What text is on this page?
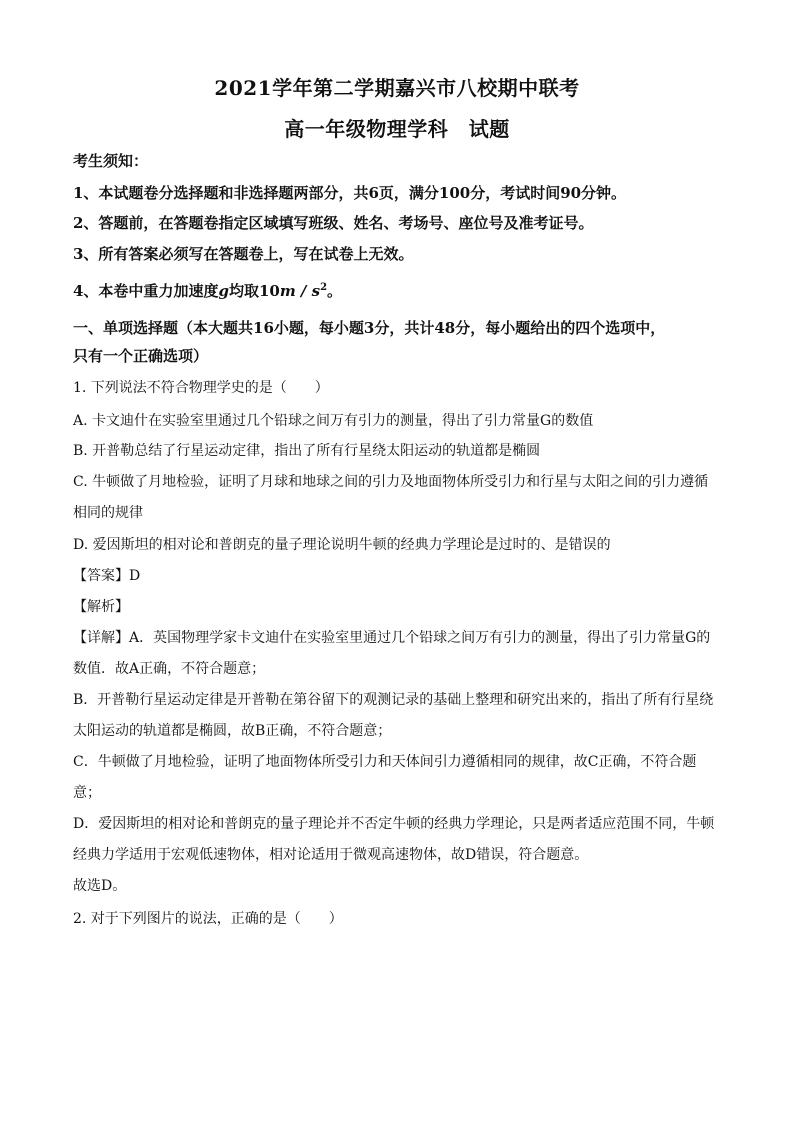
2021学年第二学期嘉兴市八校期中联考
高一年级物理学科　试题
考生须知：
1、本试题卷分选择题和非选择题两部分，共6页，满分100分，考试时间90分钟。
2、答题前，在答题卷指定区域填写班级、姓名、考场号、座位号及准考证号。
3、所有答案必须写在答题卷上，写在试卷上无效。
4、本卷中重力加速度g均取$10m / s^2$。
一、单项选择题（本大题共16小题，每小题3分，共计48分，每小题给出的四个选项中，
只有一个正确选项）
1. 下列说法不符合物理学史的是（　　）
A. 卡文迪什在实验室里通过几个铅球之间万有引力的测量，得出了引力常量G的数值
B. 开普勒总结了行星运动定律，指出了所有行星绕太阳运动的轨道都是椭圆
C. 牛顿做了月地检验，证明了月球和地球之间的引力及地面物体所受引力和行星与太阳之间的引力遵循
相同的规律
D. 爱因斯坦的相对论和普朗克的量子理论说明牛顿的经典力学理论是过时的、是错误的
【答案】D
【解析】
【详解】A．英国物理学家卡文迪什在实验室里通过几个铅球之间万有引力的测量，得出了引力常量G的
数值．故A正确，不符合题意；
B．开普勒行星运动定律是开普勒在第谷留下的观测记录的基础上整理和研究出来的，指出了所有行星绕
太阳运动的轨道都是椭圆，故B正确，不符合题意；
C．牛顿做了月地检验，证明了地面物体所受引力和天体间引力遵循相同的规律，故C正确，不符合题
意；
D．爱因斯坦的相对论和普朗克的量子理论并不否定牛顿的经典力学理论，只是两者适应范围不同，牛顿
经典力学适用于宏观低速物体，相对论适用于微观高速物体，故D错误，符合题意。
故选D。
2. 对于下列图片的说法，正确的是（　　）
